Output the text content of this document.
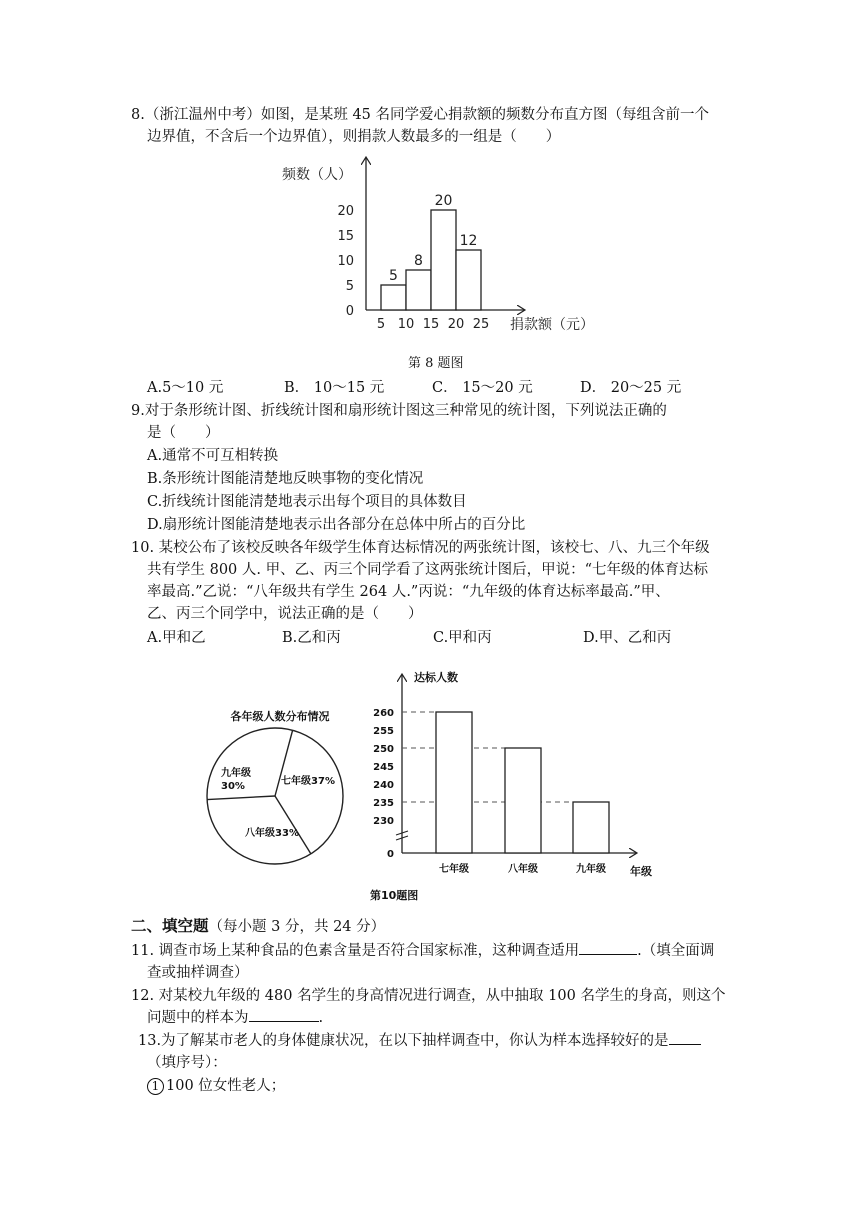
8.（浙江温州中考）如图，是某班 45 名同学爱心捐款额的频数分布直方图（每组含前一个
边界值，不含后一个边界值），则捐款人数最多的一组是（　　）
频数（人）
捐款额（元）
0
5
10
15
20
5 10 15 20 25
5
8
20
12
第 8 题图
A.5～10 元	B． 10～15 元	C． 15～20 元	D． 20～25 元
9.对于条形统计图、折线统计图和扇形统计图这三种常见的统计图，下列说法正确的
是（　　）
A.通常不可互相转换
B.条形统计图能清楚地反映事物的变化情况
C.折线统计图能清楚地表示出每个项目的具体数目
D.扇形统计图能清楚地表示出各部分在总体中所占的百分比
10. 某校公布了该校反映各年级学生体育达标情况的两张统计图，该校七、八、九三个年级
共有学生 800 人. 甲、乙、丙三个同学看了这两张统计图后，甲说：“七年级的体育达标
率最高.”乙说：“八年级共有学生 264 人.”丙说：“九年级的体育达标率最高.”甲、
乙、丙三个同学中，说法正确的是（　　）
A.甲和乙	B.乙和丙	C.甲和丙	D.甲、乙和丙
各年级人数分布情况
七年级37%
八年级33%
九年级 30%
达标人数
年级
0
230
235
240
245
250
255
260
七年级	八年级	九年级
第10题图
二、填空题（每小题 3 分，共 24 分）
11. 调查市场上某种食品的色素含量是否符合国家标准，这种调查适用	.（填全面调
查或抽样调查）
12. 对某校九年级的 480 名学生的身高情况进行调查，从中抽取 100 名学生的身高，则这个
问题中的样本为	.
13.为了解某市老人的身体健康状况，在以下抽样调查中，你认为样本选择较好的是
（填序号）：
1 100 位女性老人；
